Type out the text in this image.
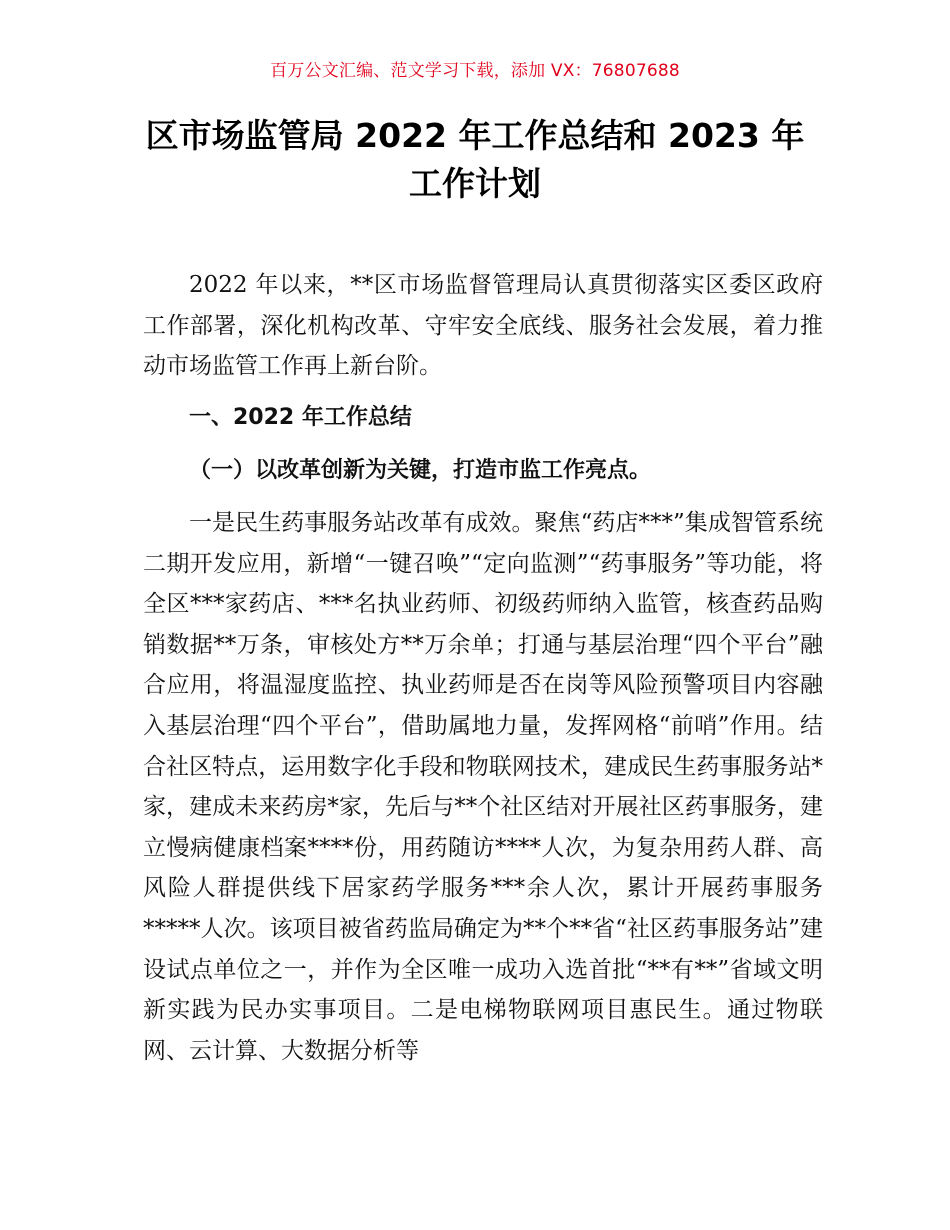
百万公文汇编、范文学习下载，添加 VX：76807688
区市场监管局 2022 年工作总结和 2023 年
工作计划

2022 年以来，**区市场监督管理局认真贯彻落实区委区政府工作部署，深化机构改革、守牢安全底线、服务社会发展，着力推动市场监管工作再上新台阶。

一、2022 年工作总结
（一）以改革创新为关键，打造市监工作亮点。

一是民生药事服务站改革有成效。聚焦“药店***”集成智管系统二期开发应用，新增“一键召唤”“定向监测”“药事服务”等功能，将全区***家药店、***名执业药师、初级药师纳入监管，核查药品购销数据**万条，审核处方**万余单；打通与基层治理“四个平台”融合应用，将温湿度监控、执业药师是否在岗等风险预警项目内容融入基层治理“四个平台”，借助属地力量，发挥网格“前哨”作用。结合社区特点，运用数字化手段和物联网技术，建成民生药事服务站*家，建成未来药房*家，先后与**个社区结对开展社区药事服务，建立慢病健康档案****份，用药随访****人次，为复杂用药人群、高风险人群提供线下居家药学服务***余人次，累计开展药事服务*****人次。该项目被省药监局确定为**个**省“社区药事服务站”建设试点单位之一，并作为全区唯一成功入选首批“**有**”省域文明新实践为民办实事项目。二是电梯物联网项目惠民生。通过物联网、云计算、大数据分析等
